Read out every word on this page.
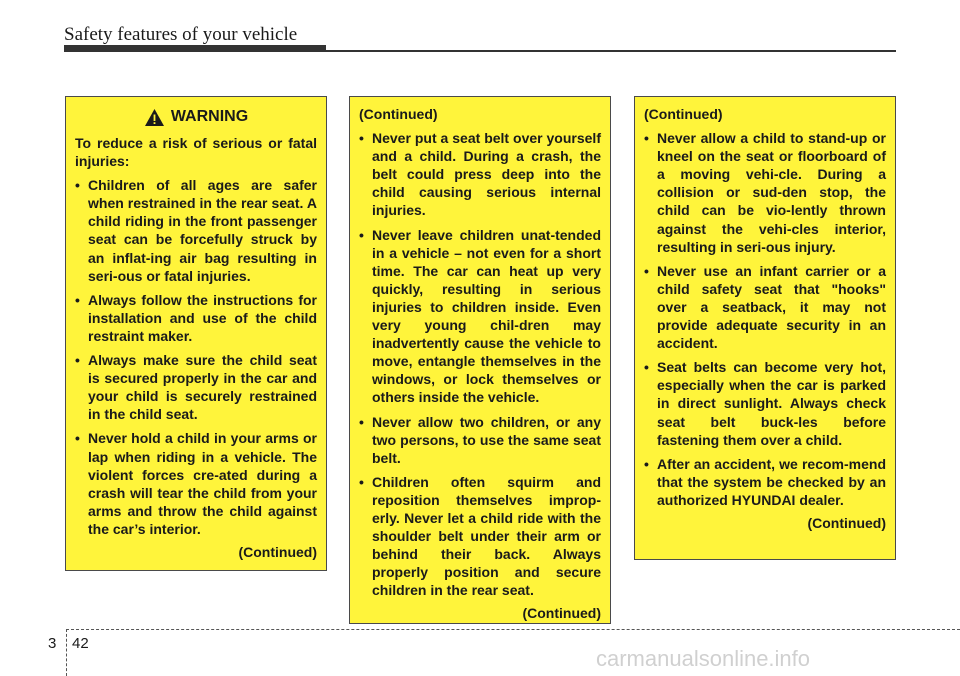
Safety features of your vehicle
WARNING
To reduce a risk of serious or fatal injuries:
• Children of all ages are safer when restrained in the rear seat. A child riding in the front passenger seat can be forcefully struck by an inflat-ing air bag resulting in seri-ous or fatal injuries.
• Always follow the instructions for installation and use of the child restraint maker.
• Always make sure the child seat is secured properly in the car and your child is securely restrained in the child seat.
• Never hold a child in your arms or lap when riding in a vehicle. The violent forces cre-ated during a crash will tear the child from your arms and throw the child against the car’s interior.
(Continued)
(Continued)
• Never put a seat belt over yourself and a child. During a crash, the belt could press deep into the child causing serious internal injuries.
• Never leave children unat-tended in a vehicle – not even for a short time. The car can heat up very quickly, resulting in serious injuries to children inside. Even very young chil-dren may inadvertently cause the vehicle to move, entangle themselves in the windows, or lock themselves or others inside the vehicle.
• Never allow two children, or any two persons, to use the same seat belt.
• Children often squirm and reposition themselves improp-erly. Never let a child ride with the shoulder belt under their arm or behind their back. Always properly position and secure children in the rear seat.
(Continued)
(Continued)
• Never allow a child to stand-up or kneel on the seat or floorboard of a moving vehi-cle. During a collision or sud-den stop, the child can be vio-lently thrown against the vehi-cles interior, resulting in seri-ous injury.
• Never use an infant carrier or a child safety seat that "hooks" over a seatback, it may not provide adequate security in an accident.
• Seat belts can become very hot, especially when the car is parked in direct sunlight. Always check seat belt buck-les before fastening them over a child.
• After an accident, we recom-mend that the system be checked by an authorized HYUNDAI dealer.
(Continued)
3 42
carmanualsonline.info
